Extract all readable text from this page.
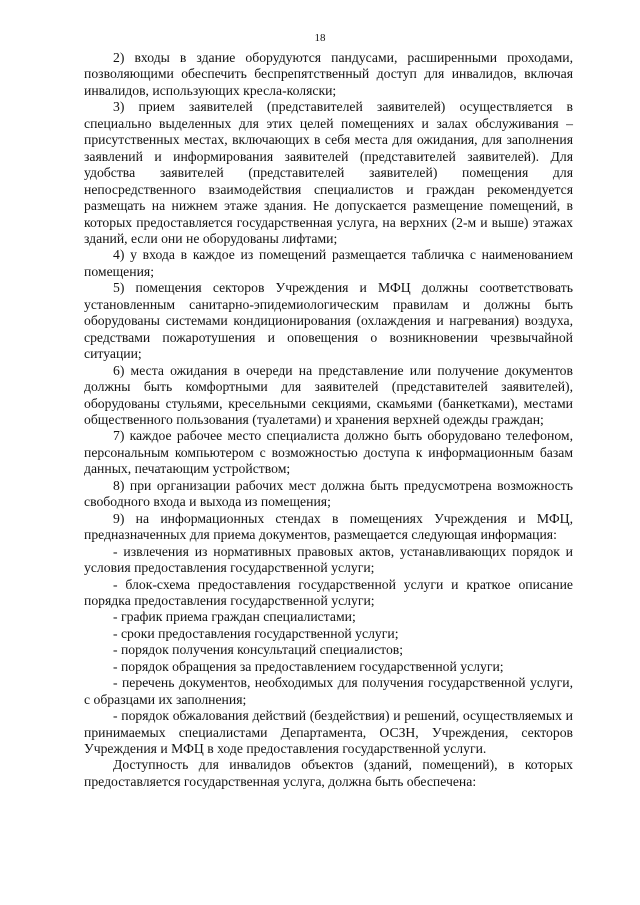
18

2) входы в здание оборудуются пандусами, расширенными проходами, позволяющими обеспечить беспрепятственный доступ для инвалидов, включая инвалидов, использующих кресла-коляски;

3) прием заявителей (представителей заявителей) осуществляется в специально выделенных для этих целей помещениях и залах обслуживания – присутственных местах, включающих в себя места для ожидания, для заполнения заявлений и информирования заявителей (представителей заявителей). Для удобства заявителей (представителей заявителей) помещения для непосредственного взаимодействия специалистов и граждан рекомендуется размещать на нижнем этаже здания. Не допускается размещение помещений, в которых предоставляется государственная услуга, на верхних (2-м и выше) этажах зданий, если они не оборудованы лифтами;

4) у входа в каждое из помещений размещается табличка с наименованием помещения;

5) помещения секторов Учреждения и МФЦ должны соответствовать установленным санитарно-эпидемиологическим правилам и должны быть оборудованы системами кондиционирования (охлаждения и нагревания) воздуха, средствами пожаротушения и оповещения о возникновении чрезвычайной ситуации;

6) места ожидания в очереди на представление или получение документов должны быть комфортными для заявителей (представителей заявителей), оборудованы стульями, кресельными секциями, скамьями (банкетками), местами общественного пользования (туалетами) и хранения верхней одежды граждан;

7) каждое рабочее место специалиста должно быть оборудовано телефоном, персональным компьютером с возможностью доступа к информационным базам данных, печатающим устройством;

8) при организации рабочих мест должна быть предусмотрена возможность свободного входа и выхода из помещения;

9) на информационных стендах в помещениях Учреждения и МФЦ, предназначенных для приема документов, размещается следующая информация:

- извлечения из нормативных правовых актов, устанавливающих порядок и условия предоставления государственной услуги;

- блок-схема предоставления государственной услуги и краткое описание порядка предоставления государственной услуги;

- график приема граждан специалистами;

- сроки предоставления государственной услуги;

- порядок получения консультаций специалистов;

- порядок обращения за предоставлением государственной услуги;

- перечень документов, необходимых для получения государственной услуги, с образцами их заполнения;

- порядок обжалования действий (бездействия) и решений, осуществляемых и принимаемых специалистами Департамента, ОСЗН, Учреждения, секторов Учреждения и МФЦ в ходе предоставления государственной услуги.

Доступность для инвалидов объектов (зданий, помещений), в которых предоставляется государственная услуга, должна быть обеспечена:
